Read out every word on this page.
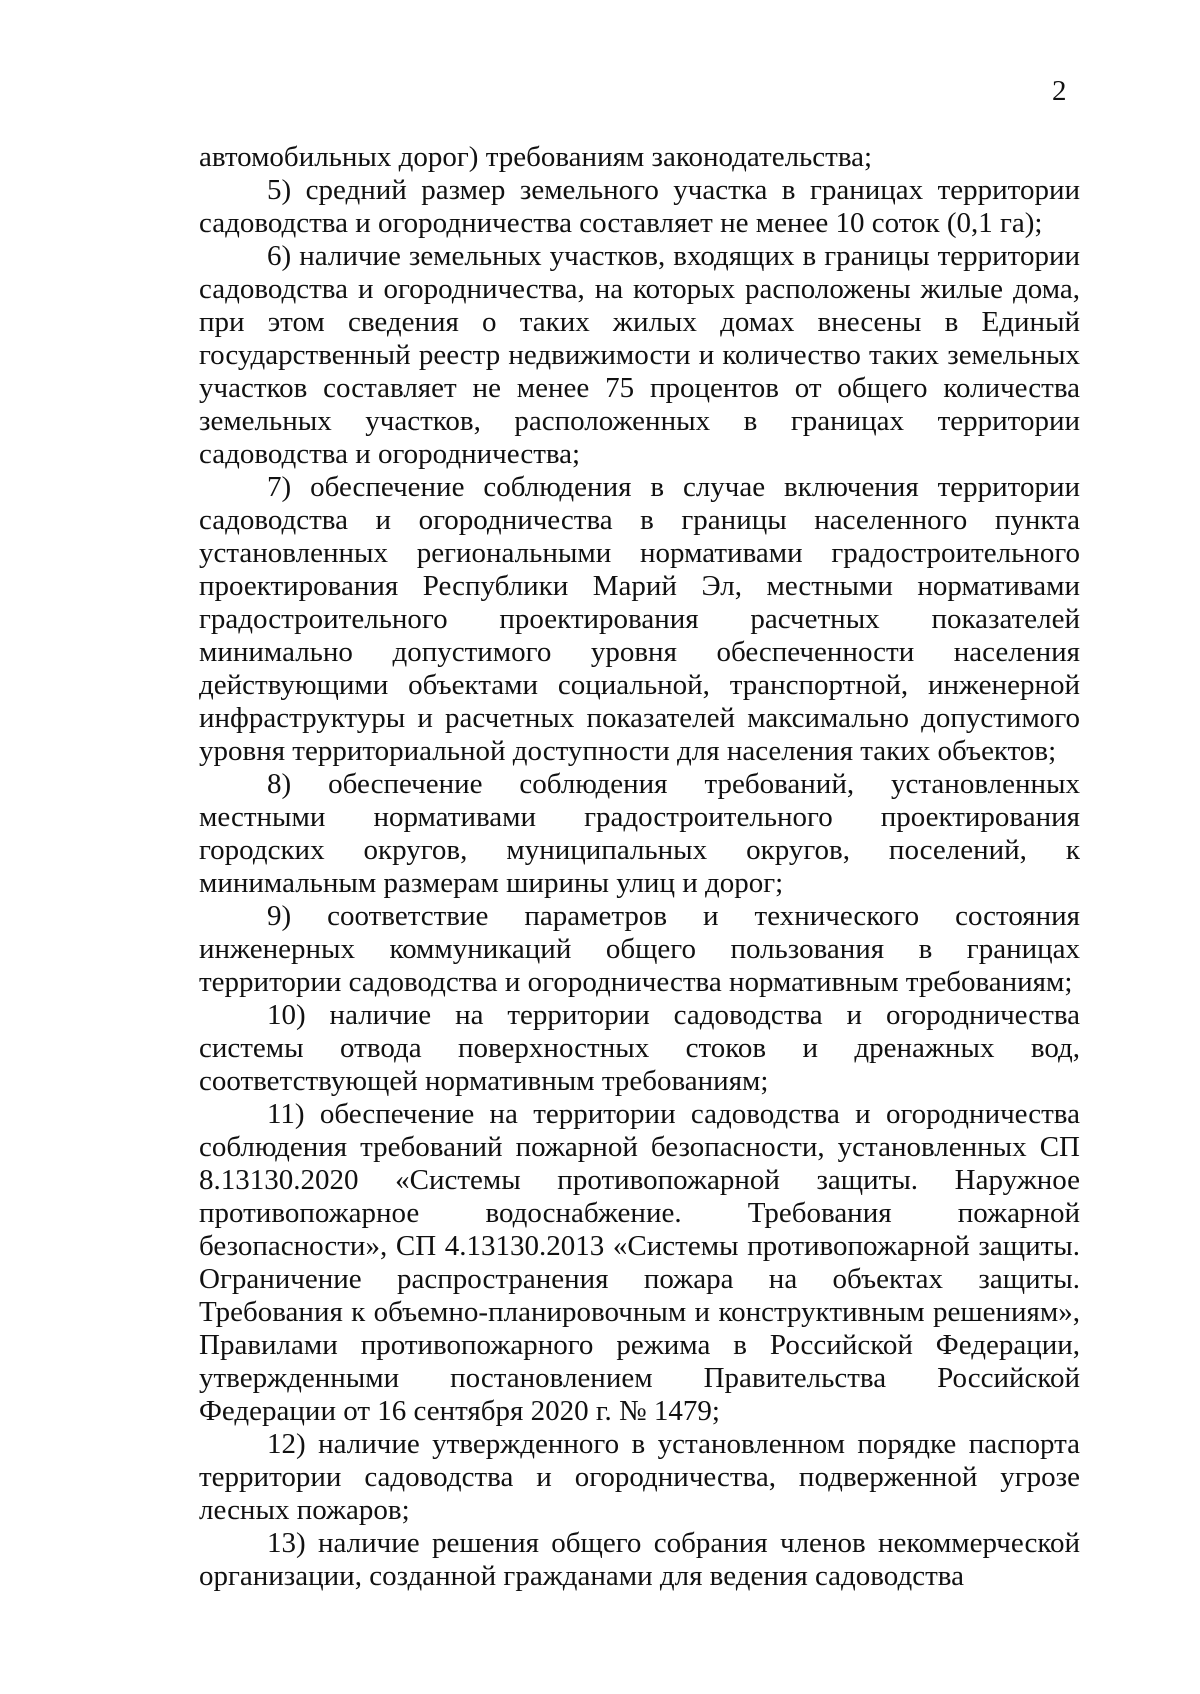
2

автомобильных дорог) требованиям законодательства;

5) средний размер земельного участка в границах территории садоводства и огородничества составляет не менее 10 соток (0,1 га);

6) наличие земельных участков, входящих в границы территории садоводства и огородничества, на которых расположены жилые дома, при этом сведения о таких жилых домах внесены в Единый государственный реестр недвижимости и количество таких земельных участков составляет не менее 75 процентов от общего количества земельных участков, расположенных в границах территории садоводства и огородничества;

7) обеспечение соблюдения в случае включения территории садоводства и огородничества в границы населенного пункта установленных региональными нормативами градостроительного проектирования Республики Марий Эл, местными нормативами градостроительного проектирования расчетных показателей минимально допустимого уровня обеспеченности населения действующими объектами социальной, транспортной, инженерной инфраструктуры и расчетных показателей максимально допустимого уровня территориальной доступности для населения таких объектов;

8) обеспечение соблюдения требований, установленных местными нормативами градостроительного проектирования городских округов, муниципальных округов, поселений, к минимальным размерам ширины улиц и дорог;

9) соответствие параметров и технического состояния инженерных коммуникаций общего пользования в границах территории садоводства и огородничества нормативным требованиям;

10) наличие на территории садоводства и огородничества системы отвода поверхностных стоков и дренажных вод, соответствующей нормативным требованиям;

11) обеспечение на территории садоводства и огородничества соблюдения требований пожарной безопасности, установленных СП 8.13130.2020 «Системы противопожарной защиты. Наружное противопожарное водоснабжение. Требования пожарной безопасности», СП 4.13130.2013 «Системы противопожарной защиты. Ограничение распространения пожара на объектах защиты. Требования к объемно-планировочным и конструктивным решениям», Правилами противопожарного режима в Российской Федерации, утвержденными постановлением Правительства Российской Федерации от 16 сентября 2020 г. № 1479;

12) наличие утвержденного в установленном порядке паспорта территории садоводства и огородничества, подверженной угрозе лесных пожаров;

13) наличие решения общего собрания членов некоммерческой организации, созданной гражданами для ведения садоводства
